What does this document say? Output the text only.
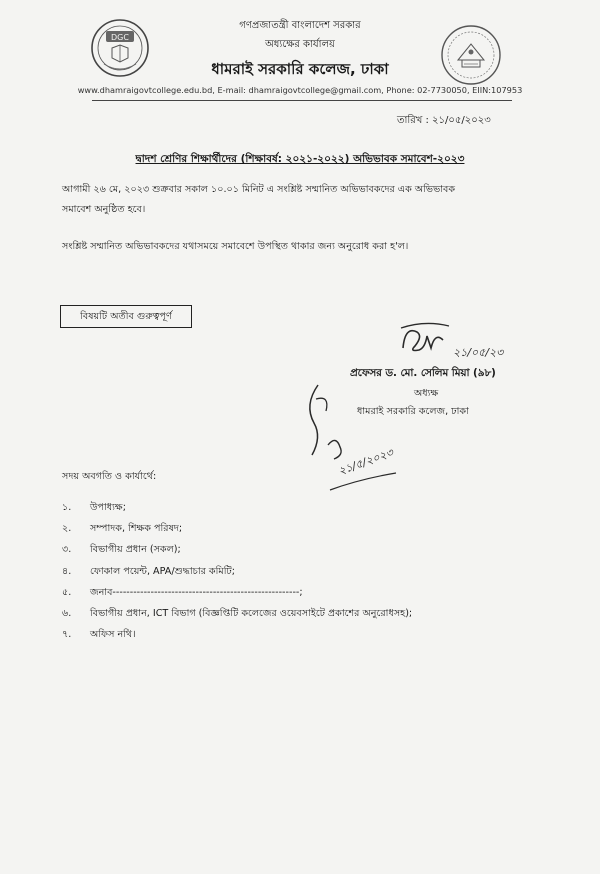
DGC
গণপ্রজাতন্ত্রী বাংলাদেশ সরকার
অধ্যক্ষের কার্যালয়
ধামরাই সরকারি কলেজ, ঢাকা
www.dhamraigovtcollege.edu.bd, E-mail: dhamraigovtcollege@gmail.com, Phone: 02-7730050, EIIN:107953
তারিখ : ২১/০৫/২০২৩
দ্বাদশ শ্রেণির শিক্ষার্থীদের (শিক্ষাবর্ষ: ২০২১-২০২২) অভিভাবক সমাবেশ-২০২৩
আগামী ২৬ মে, ২০২৩ শুক্রবার সকাল ১০.০১ মিনিট এ সংশ্লিষ্ট সম্মানিত অভিভাবকদের এক অভিভাবক
সমাবেশ অনুষ্ঠিত হবে।
সংশ্লিষ্ট সম্মানিত অভিভাবকদের যথাসময়ে সমাবেশে উপস্থিত থাকার জন্য অনুরোধ করা হ'ল।
বিষয়টি অতীব গুরুত্বপূর্ণ
২১/০৫/২৩
প্রফেসর ড. মো. সেলিম মিয়া (৯৮)
অধ্যক্ষ
ধামরাই সরকারি কলেজ, ঢাকা
২১/৫/২০২৩
সদয় অবগতি ও কার্যার্থে:
১. উপাধ্যক্ষ;
২. সম্পাদক, শিক্ষক পরিষদ;
৩. বিভাগীয় প্রধান (সকল);
৪. ফোকাল পয়েন্ট, APA/শুদ্ধাচার কমিটি;
৫. জনাব------------------------------------------------------;
৬. বিভাগীয় প্রধান, ICT বিভাগ (বিজ্ঞপ্তিটি কলেজের ওয়েবসাইটে প্রকাশের অনুরোধসহ);
৭. অফিস নথি।
